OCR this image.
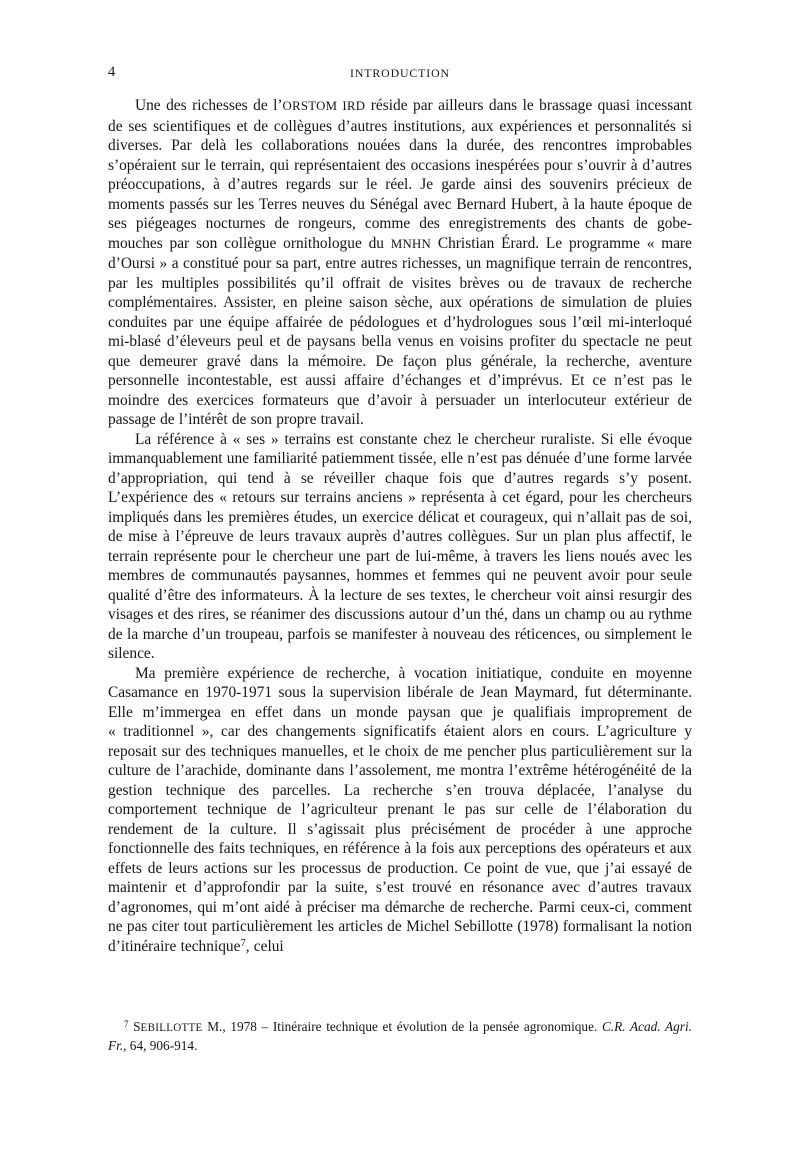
4	INTRODUCTION

Une des richesses de l’ORSTOM IRD réside par ailleurs dans le brassage quasi incessant de ses scientifiques et de collègues d’autres institutions, aux expériences et personnalités si diverses. Par delà les collaborations nouées dans la durée, des rencontres improbables s’opéraient sur le terrain, qui représentaient des occasions inespérées pour s’ouvrir à d’autres préoccupations, à d’autres regards sur le réel. Je garde ainsi des souvenirs précieux de moments passés sur les Terres neuves du Sénégal avec Bernard Hubert, à la haute époque de ses piégeages nocturnes de rongeurs, comme des enregistrements des chants de gobe-mouches par son collègue ornithologue du MNHN Christian Érard. Le programme « mare d’Oursi » a constitué pour sa part, entre autres richesses, un magnifique terrain de rencontres, par les multiples possibilités qu’il offrait de visites brèves ou de travaux de recherche complémentaires. Assister, en pleine saison sèche, aux opérations de simulation de pluies conduites par une équipe affairée de pédologues et d’hydrologues sous l’œil mi-interloqué mi-blasé d’éleveurs peul et de paysans bella venus en voisins profiter du spectacle ne peut que demeurer gravé dans la mémoire. De façon plus générale, la recherche, aventure personnelle incontestable, est aussi affaire d’échanges et d’imprévus. Et ce n’est pas le moindre des exercices formateurs que d’avoir à persuader un interlocuteur extérieur de passage de l’intérêt de son propre travail.

La référence à « ses » terrains est constante chez le chercheur ruraliste. Si elle évoque immanquablement une familiarité patiemment tissée, elle n’est pas dénuée d’une forme larvée d’appropriation, qui tend à se réveiller chaque fois que d’autres regards s’y posent. L’expérience des « retours sur terrains anciens » représenta à cet égard, pour les chercheurs impliqués dans les premières études, un exercice délicat et courageux, qui n’allait pas de soi, de mise à l’épreuve de leurs travaux auprès d’autres collègues. Sur un plan plus affectif, le terrain représente pour le chercheur une part de lui-même, à travers les liens noués avec les membres de communautés paysannes, hommes et femmes qui ne peuvent avoir pour seule qualité d’être des informateurs. À la lecture de ses textes, le chercheur voit ainsi resurgir des visages et des rires, se réanimer des discussions autour d’un thé, dans un champ ou au rythme de la marche d’un troupeau, parfois se manifester à nouveau des réticences, ou simplement le silence.

Ma première expérience de recherche, à vocation initiatique, conduite en moyenne Casamance en 1970-1971 sous la supervision libérale de Jean Maymard, fut déterminante. Elle m’immergea en effet dans un monde paysan que je qualifiais improprement de « traditionnel », car des changements significatifs étaient alors en cours. L’agriculture y reposait sur des techniques manuelles, et le choix de me pencher plus particulièrement sur la culture de l’arachide, dominante dans l’assolement, me montra l’extrême hétérogénéité de la gestion technique des parcelles. La recherche s’en trouva déplacée, l’analyse du comportement technique de l’agriculteur prenant le pas sur celle de l’élaboration du rendement de la culture. Il s’agissait plus précisément de procéder à une approche fonctionnelle des faits techniques, en référence à la fois aux perceptions des opérateurs et aux effets de leurs actions sur les processus de production. Ce point de vue, que j’ai essayé de maintenir et d’approfondir par la suite, s’est trouvé en résonance avec d’autres travaux d’agronomes, qui m’ont aidé à préciser ma démarche de recherche. Parmi ceux-ci, comment ne pas citer tout particulièrement les articles de Michel Sebillotte (1978) formalisant la notion d’itinéraire technique$^7$, celui

$^7$ SEBILLOTTE M., 1978 – Itinéraire technique et évolution de la pensée agronomique. C.R. Acad. Agri. Fr., 64, 906-914.
